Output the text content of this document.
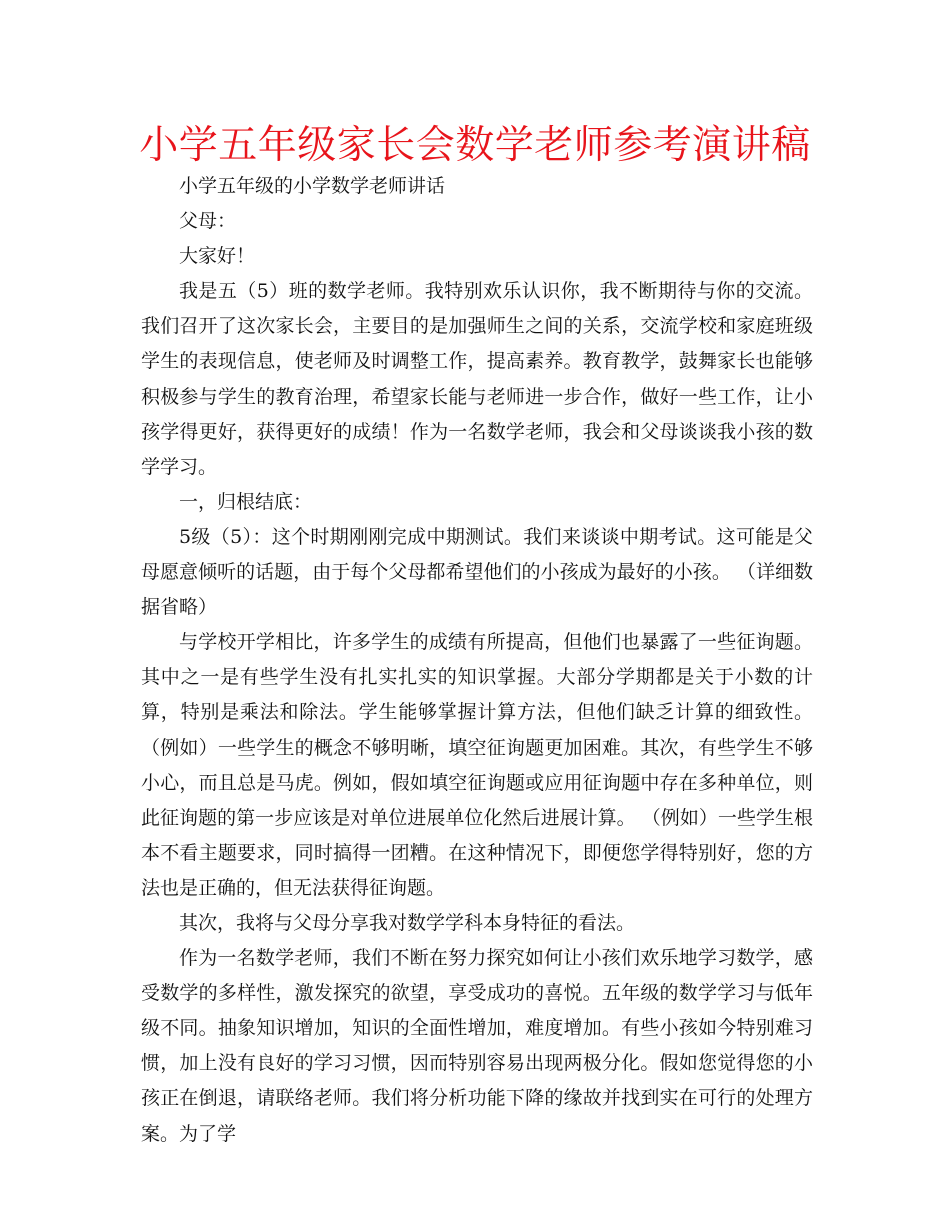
小学五年级家长会数学老师参考演讲稿

小学五年级的小学数学老师讲话

父母：

大家好！

我是五（5）班的数学老师。我特别欢乐认识你，我不断期待与你的交流。我们召开了这次家长会，主要目的是加强师生之间的关系，交流学校和家庭班级学生的表现信息，使老师及时调整工作，提高素养。教育教学，鼓舞家长也能够积极参与学生的教育治理，希望家长能与老师进一步合作，做好一些工作，让小孩学得更好，获得更好的成绩！作为一名数学老师，我会和父母谈谈我小孩的数学学习。

一，归根结底：

5级（5）：这个时期刚刚完成中期测试。我们来谈谈中期考试。这可能是父母愿意倾听的话题，由于每个父母都希望他们的小孩成为最好的小孩。 （详细数据省略）

与学校开学相比，许多学生的成绩有所提高，但他们也暴露了一些征询题。其中之一是有些学生没有扎实扎实的知识掌握。大部分学期都是关于小数的计算，特别是乘法和除法。学生能够掌握计算方法，但他们缺乏计算的细致性。 （例如）一些学生的概念不够明晰，填空征询题更加困难。其次，有些学生不够小心，而且总是马虎。例如，假如填空征询题或应用征询题中存在多种单位，则此征询题的第一步应该是对单位进展单位化然后进展计算。 （例如）一些学生根本不看主题要求，同时搞得一团糟。在这种情况下，即便您学得特别好，您的方法也是正确的，但无法获得征询题。

其次，我将与父母分享我对数学学科本身特征的看法。

作为一名数学老师，我们不断在努力探究如何让小孩们欢乐地学习数学，感受数学的多样性，激发探究的欲望，享受成功的喜悦。五年级的数学学习与低年级不同。抽象知识增加，知识的全面性增加，难度增加。有些小孩如今特别难习惯，加上没有良好的学习习惯，因而特别容易出现两极分化。假如您觉得您的小孩正在倒退，请联络老师。我们将分析功能下降的缘故并找到实在可行的处理方案。为了学
